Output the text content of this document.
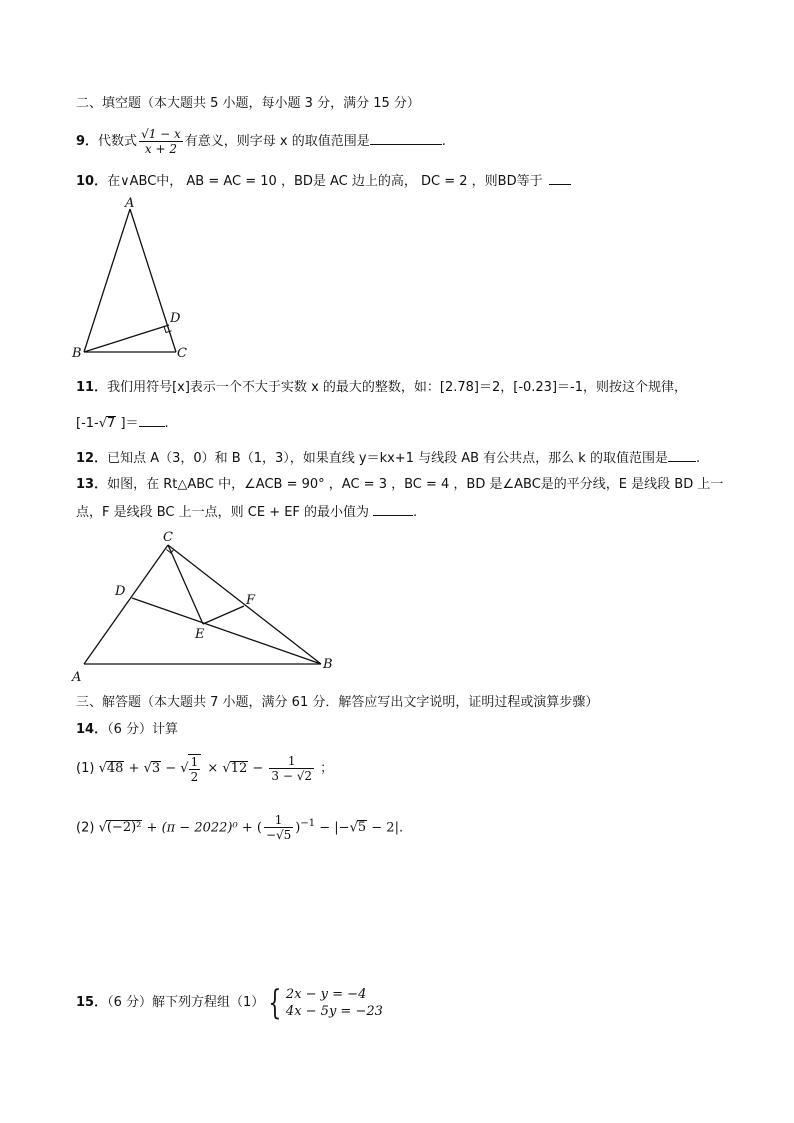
二、填空题（本大题共 5 小题，每小题 3 分，满分 15 分）
9．代数式 $\frac{√1 - x}{x + 2}$ 有意义，则字母 x 的取值范围是	.
10．在∨ABC中， AB = AC = 10 ，BD是 AC 边上的高， DC = 2 ，则BD等于
A
B	C
D
11．我们用符号[x]表示一个不大于实数 x 的最大的整数，如：[2.78]＝2，[-0.23]＝-1，则按这个规律，
[-1-√7 ]＝ .
12．已知点 A（3，0）和 B（1，3），如果直线 y＝kx+1 与线段 AB 有公共点，那么 k 的取值范围是 .
13．如图，在 Rt△ABC 中，∠ACB = 90° ，AC = 3 ，BC = 4 ，BD 是∠ABC是的平分线，E 是线段 BD 上一
点，F 是线段 BC 上一点，则 CE + EF 的最小值为	.
C
D
F
E
A
B
三、解答题（本大题共 7 小题，满分 61 分．解答应写出文字说明，证明过程或演算步骤）
14．（6 分）计算
(1) √48 + √3 − √ $\frac{1}{2} \times √12 - \frac{1}{3 - √2}$ ；
(2) √(−2)² + (π − 2022)⁰ + ( $\frac{1}{-√5} )^{-1} - |-√5 - 2|$.
15．（6 分）解下列方程组（1） { 2x − y = −4
4x − 5y = −23
